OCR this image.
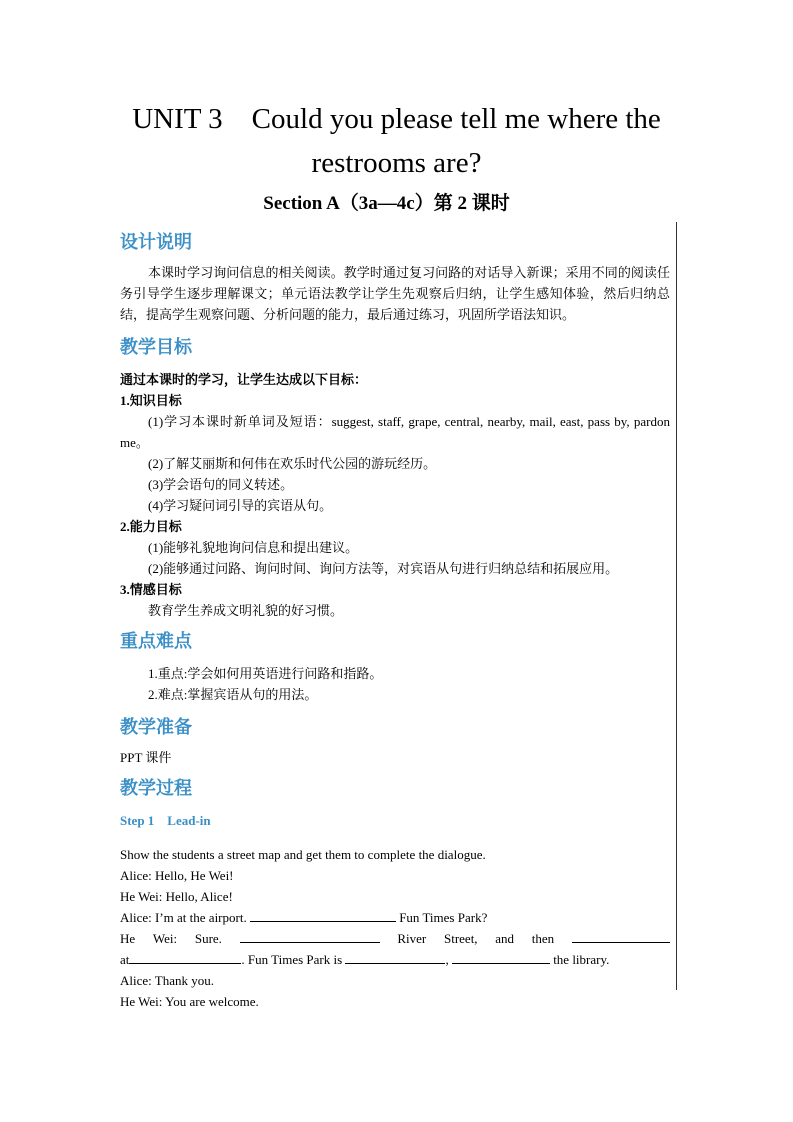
UNIT 3    Could you please tell me where the
restrooms are?
Section A（3a—4c）第 2 课时
设计说明

本课时学习询问信息的相关阅读。教学时通过复习问路的对话导入新课；采用不同的阅读任务引导学生逐步理解课文；单元语法教学让学生先观察后归纳，让学生感知体验，然后归纳总结，提高学生观察问题、分析问题的能力，最后通过练习，巩固所学语法知识。

教学目标

通过本课时的学习，让学生达成以下目标：

1.知识目标

(1)学习本课时新单词及短语：suggest, staff, grape, central, nearby, mail, east, pass by, pardon me。

(2)了解艾丽斯和何伟在欢乐时代公园的游玩经历。

(3)学会语句的同义转述。

(4)学习疑问词引导的宾语从句。

2.能力目标

(1)能够礼貌地询问信息和提出建议。

(2)能够通过问路、询问时间、询问方法等，对宾语从句进行归纳总结和拓展应用。

3.情感目标

教育学生养成文明礼貌的好习惯。

重点难点

1.重点:学会如何用英语进行问路和指路。

2.难点:掌握宾语从句的用法。

教学准备

PPT 课件

教学过程

Step 1    Lead-in

Show the students a street map and get them to complete the dialogue.

Alice: Hello, He Wei!

He Wei: Hello, Alice!

Alice: I’m at the airport.	Fun Times Park?

He Wei: Sure.	River Street, and then

at	. Fun Times Park is	,	the library.

Alice: Thank you.

He Wei: You are welcome.
